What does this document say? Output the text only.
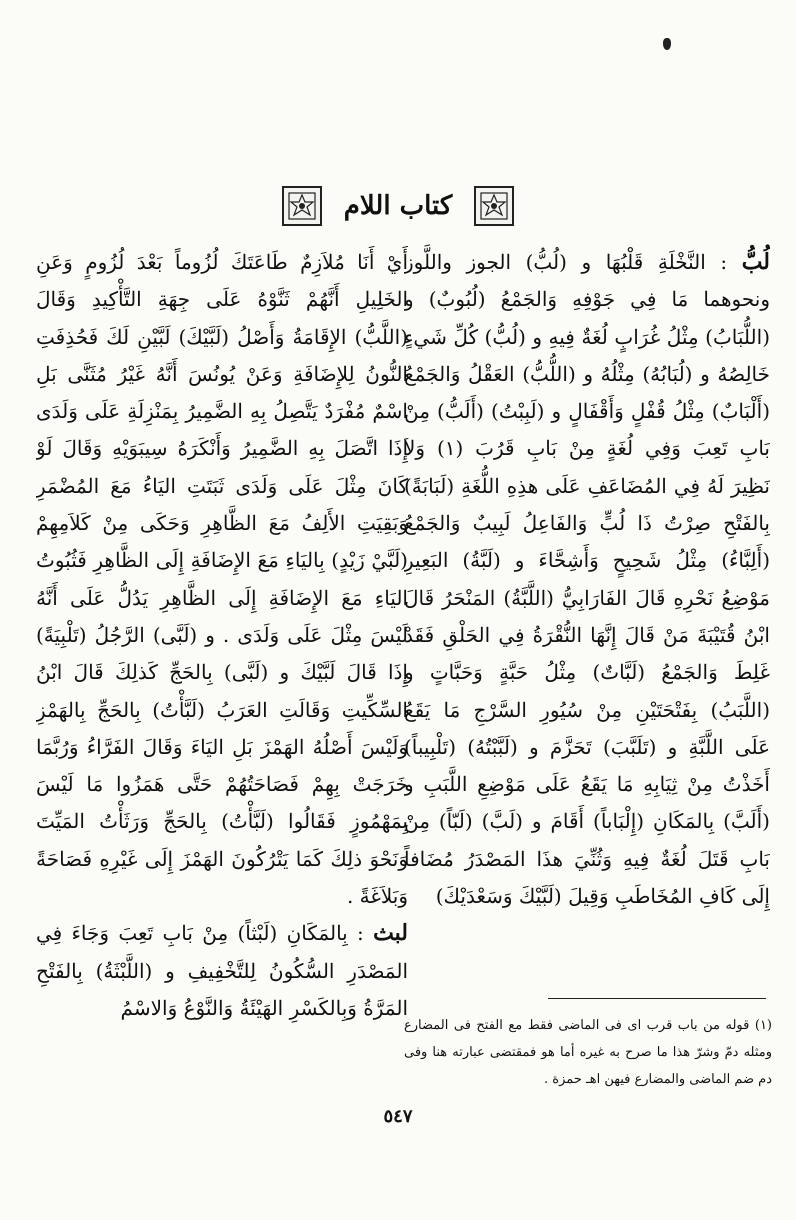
كتاب اللام

لُبُّ : النَّخْلَةِ قَلْبُهَا و (لُبُّ) الجوز واللَّوز ونحوهما مَا فِي جَوْفِهِ وَالجَمْعُ (لُبُوبٌ) و (اللُّبَابُ) مِثْلُ غُرَابٍ لُغَةٌ فِيهِ و (لُبُّ) كُلِّ شَيءٍ خَالِصُهُ و (لُبَابُهُ) مِثْلُهُ و (اللُّبُّ) العَقْلُ وَالجَمْعُ (أَلْبَابٌ) مِثْلُ قُفْلٍ وَأَقْفَالٍ و (لَبِبْتُ) (أَلَبُّ) مِنْ بَابِ تَعِبَ وَفِي لُغَةٍ مِنْ بَابِ قَرُبَ (١) وَلاَ نَظِيرَ لَهُ فِي المُضَاعَفِ عَلَى هذِهِ اللُّغَةِ (لَبَابَةً) بِالفَتْحِ صِرْتُ ذَا لُبٍّ وَالفَاعِلُ لَبِيبٌ وَالجَمْعُ (أَلِبَّاءُ) مِثْلُ شَحِيحٍ وَأَشِحَّاءَ و (لَبَّةُ) البَعِيرِ مَوْضِعُ نَحْرِهِ قَالَ الفَارَابِيُّ (اللَّبَّةُ) المَنْحَرُ قَالَ ابْنُ قُتَيْبَةَ مَنْ قَالَ إِنَّهَا النُّقْرَةُ فِي الحَلْقِ فَقَدْ غَلِطَ وَالجَمْعُ (لَبَّاتٌ) مِثْلُ حَبَّةٍ وَحَبَّاتٍ و (اللَّبَبُ) بِفَتْحَتَيْنِ مِنْ سُيُورِ السَّرْجِ مَا يَقَعُ عَلَى اللَّبَّةِ و (تَلَبَّبَ) تَحَزَّمَ و (لَبَّبْتُهُ) (تَلْبِيباً) أَخَذْتُ مِنْ ثِيَابِهِ مَا يَقَعُ عَلَى مَوْضِعِ اللَّبَبِ و (أَلَبَّ) بِالمَكَانِ (إِلْبَاباً) أَقَامَ و (لَبَّ) (لَبّاً) مِنْ بَابِ قَتَلَ لُغَةٌ فِيهِ وَثُنِّيَ هذَا المَصْدَرُ مُضَافاً إِلَى كَافِ المُخَاطَبِ وَقِيلَ (لَبَّيْكَ وَسَعْدَيْكَ)

أَيْ أَنَا مُلاَزِمٌ طَاعَتَكَ لُزُوماً بَعْدَ لُزُومٍ وَعَنِ الخَلِيلِ أَنَّهُمْ ثَنَّوْهُ عَلَى جِهَةِ التَّأْكِيدِ وَقَالَ (اللَّبُّ) الإِقَامَةُ وَأَصْلُ (لَبَّيْكَ) لَبَّيْنِ لَكَ فَحُذِفَتِ النُّونُ لِلإِضَافَةِ وَعَنْ يُونُسَ أَنَّهُ غَيْرُ مُثَنَّى بَلِ اسْمٌ مُفْرَدٌ يَتَّصِلُ بِهِ الضَّمِيرُ بِمَنْزِلَةِ عَلَى وَلَدَى إِذَا اتَّصَلَ بِهِ الضَّمِيرُ وَأَنْكَرَهُ سِيبَوَيْهِ وَقَالَ لَوْ كَانَ مِثْلَ عَلَى وَلَدَى ثَبَتَتِ اليَاءُ مَعَ المُضْمَرِ وَبَقِيَتِ الأَلِفُ مَعَ الظَّاهِرِ وَحَكَى مِنْ كَلاَمِهِمْ (لَبَّيْ زَيْدٍ) بِاليَاءِ مَعَ الإِضَافَةِ إِلَى الظَّاهِرِ فَثُبُوتُ اليَاءِ مَعَ الإِضَافَةِ إِلَى الظَّاهِرِ يَدُلُّ عَلَى أَنَّهُ لَيْسَ مِثْلَ عَلَى وَلَدَى . و (لَبَّى) الرَّجُلُ (تَلْبِيَةً) إِذَا قَالَ لَبَّيْكَ و (لَبَّى) بِالحَجِّ كَذلِكَ قَالَ ابْنُ السِّكِّيتِ وَقَالَتِ العَرَبُ (لَبَّأْتُ) بِالحَجِّ بِالهَمْزِ وَلَيْسَ أَصْلُهُ الهَمْزَ بَلِ اليَاءَ وَقَالَ الفَرَّاءُ وَرُبَّمَا خَرَجَتْ بِهِمْ فَصَاحَتُهُمْ حَتَّى هَمَزُوا مَا لَيْسَ بِمَهْمُوزٍ فَقَالُوا (لَبَّأْتُ) بِالحَجِّ وَرَثَأْتُ المَيِّتَ وَنَحْوَ ذلِكَ كَمَا يَتْرُكُونَ الهَمْزَ إِلَى غَيْرِهِ فَصَاحَةً وَبَلاَغَةً .

لبث : بِالمَكَانِ (لَبْثاً) مِنْ بَابِ تَعِبَ وَجَاءَ فِي المَصْدَرِ السُّكُونُ لِلتَّخْفِيفِ و (اللَّبْثَةُ) بِالفَتْحِ المَرَّةُ وَبِالكَسْرِ الهَيْئَةُ وَالنَّوْعُ وَالاسْمُ

(١) قوله من باب قرب اى فى الماضى فقط مع الفتح فى المضارع ومثله دمّ وشرّ هذا ما صرح به غيره أما هو فمقتضى عبارته هنا وفى دم ضم الماضى والمضارع فيهن اهـ حمزة .
٥٤٧
